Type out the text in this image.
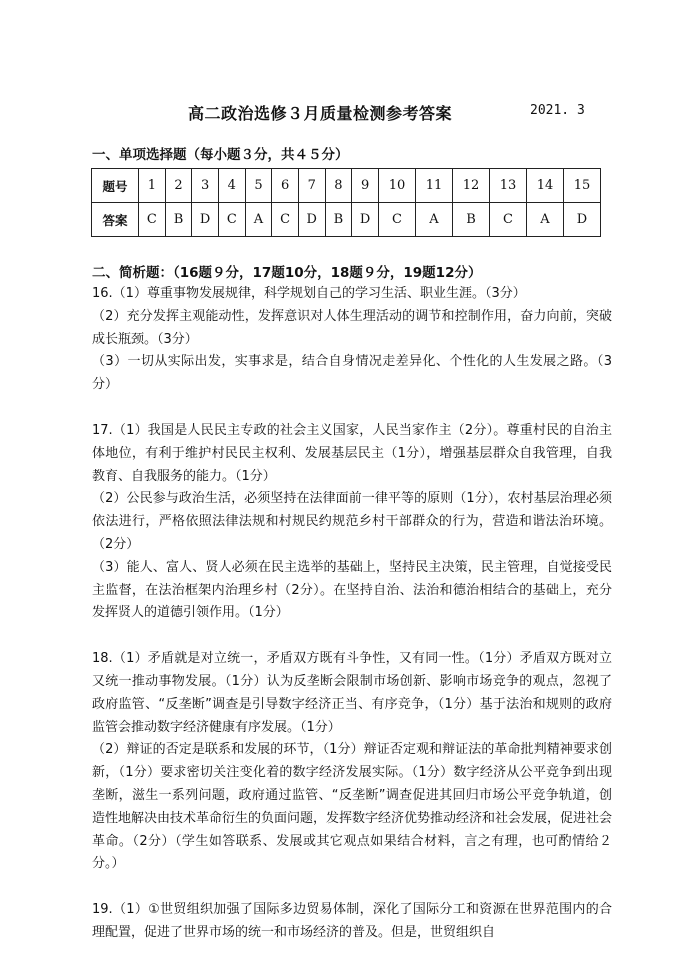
高二政治选修３月质量检测参考答案	2021. 3
一、单项选择题（每小题３分，共４５分）
题号	1	2	3	4	5	6	7	8	9	10	11	12	13	14	15
答案	C	B	D	C	A	C	D	B	D	C	A	B	C	A	D
二、简析题：（16题９分，17题10分，18题９分，19题12分）

16.（1）尊重事物发展规律，科学规划自己的学习生活、职业生涯。（3分）

（2）充分发挥主观能动性，发挥意识对人体生理活动的调节和控制作用，奋力向前，突破成长瓶颈。（3分）

（3）一切从实际出发，实事求是，结合自身情况走差异化、个性化的人生发展之路。（3分）

17.（1）我国是人民民主专政的社会主义国家，人民当家作主（2分）。尊重村民的自治主体地位，有利于维护村民民主权利、发展基层民主（1分），增强基层群众自我管理，自我教育、自我服务的能力。（1分）

（2）公民参与政治生活，必须坚持在法律面前一律平等的原则（1分），农村基层治理必须依法进行，严格依照法律法规和村规民约规范乡村干部群众的行为，营造和谐法治环境。（2分）

（3）能人、富人、贤人必须在民主选举的基础上，坚持民主决策，民主管理，自觉接受民主监督，在法治框架内治理乡村（2分）。在坚持自治、法治和德治相结合的基础上，充分发挥贤人的道德引领作用。（1分）

18.（1）矛盾就是对立统一，矛盾双方既有斗争性，又有同一性。（1分）矛盾双方既对立又统一推动事物发展。（1分）认为反垄断会限制市场创新、影响市场竞争的观点，忽视了政府监管、“反垄断”调查是引导数字经济正当、有序竞争，（1分）基于法治和规则的政府监管会推动数字经济健康有序发展。（1分）

（2）辩证的否定是联系和发展的环节，（1分）辩证否定观和辩证法的革命批判精神要求创新，（1分）要求密切关注变化着的数字经济发展实际。（1分）数字经济从公平竞争到出现垄断，滋生一系列问题，政府通过监管、“反垄断”调查促进其回归市场公平竞争轨道，创造性地解决由技术革命衍生的负面问题，发挥数字经济优势推动经济和社会发展，促进社会革命。（2分）（学生如答联系、发展或其它观点如果结合材料，言之有理，也可酌情给２分。）

19.（1）①世贸组织加强了国际多边贸易体制，深化了国际分工和资源在世界范围内的合理配置，促进了世界市场的统一和市场经济的普及。但是，世贸组织自
